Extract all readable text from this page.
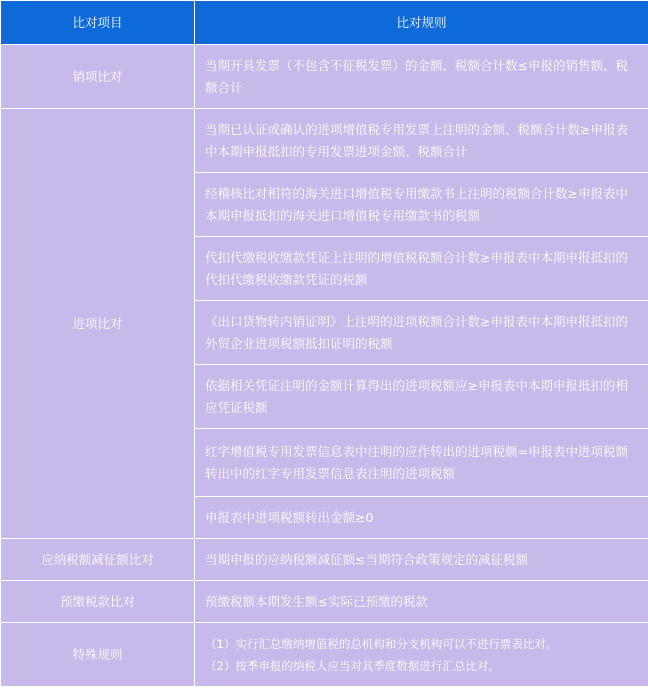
比对项目	比对规则
销项比对	当期开具发票（不包含不征税发票）的金额、税额合计数≤申报的销售额、税额合计
进项比对	当期已认证或确认的进项增值税专用发票上注明的金额、税额合计数≥申报表中本期申报抵扣的专用发票进项金额、税额合计
	经稽核比对相符的海关进口增值税专用缴款书上注明的税额合计数≥申报表中本期申报抵扣的海关进口增值税专用缴款书的税额
	代扣代缴税收缴款凭证上注明的增值税税额合计数≥申报表中本期申报抵扣的代扣代缴税收缴款凭证的税额
	《出口货物转内销证明》上注明的进项税额合计数≥申报表中本期申报抵扣的外贸企业进项税额抵扣证明的税额
	依据相关凭证注明的金额计算得出的进项税额应≥申报表中本期申报抵扣的相应凭证税额
	红字增值税专用发票信息表中注明的应作转出的进项税额=申报表中进项税额转出中的红字专用发票信息表注明的进项税额
	申报表中进项税额转出金额≥0
应纳税额减征额比对	当期申报的应纳税额减征额≤当期符合政策规定的减征税额
预缴税款比对	预缴税额本期发生额≤实际已预缴的税款
特殊规则	（1）实行汇总缴纳增值税的总机构和分支机构可以不进行票表比对。
（2）按季申报的纳税人应当对其季度数据进行汇总比对。
